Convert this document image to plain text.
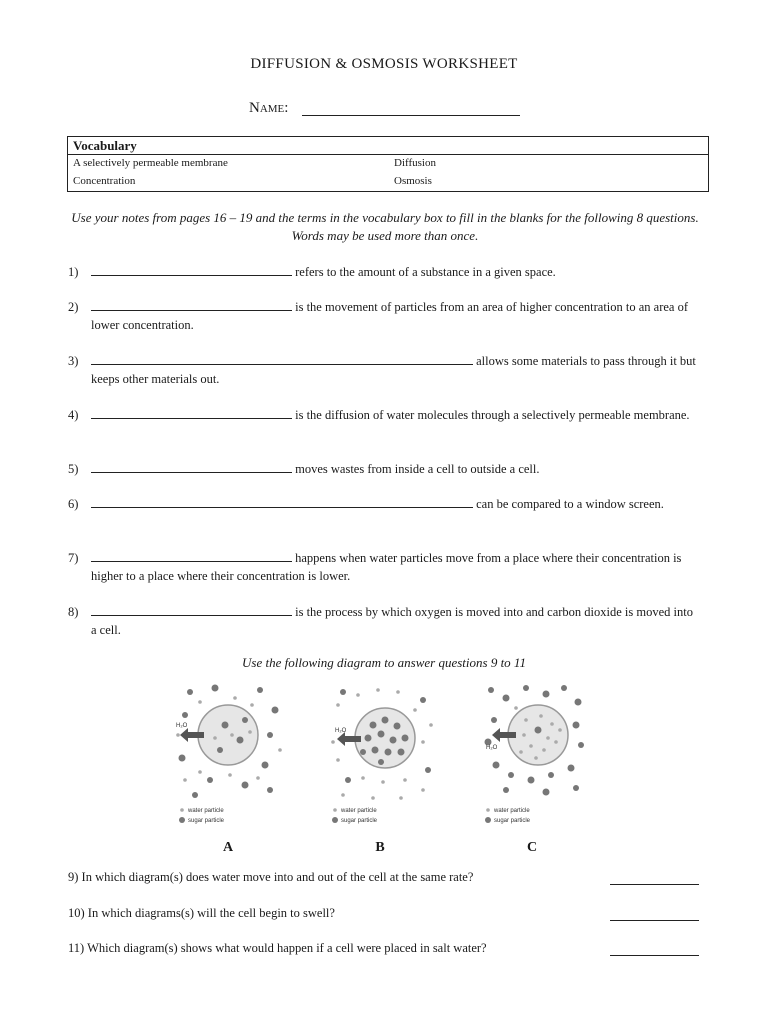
DIFFUSION & OSMOSIS WORKSHEET
Name:
Vocabulary
A selectively permeable membrane	Diffusion
Concentration	Osmosis
Use your notes from pages 16 – 19 and the terms in the vocabulary box to fill in the blanks for the following 8 questions. Words may be used more than once.
1)	refers to the amount of a substance in a given space.
2)	is the movement of particles from an area of higher concentration to an area of lower concentration.
3)	allows some materials to pass through it but keeps other materials out.
4)	is the diffusion of water molecules through a selectively permeable membrane.
5)	moves wastes from inside a cell to outside a cell.
6)	can be compared to a window screen.
7)	happens when water particles move from a place where their concentration is higher to a place where their concentration is lower.
8)	is the process by which oxygen is moved into and carbon dioxide is moved into a cell.
Use the following diagram to answer questions 9 to 11
H₂O
water particle
sugar particle
H₂O
water particle
sugar particle
H₂O
water particle
sugar particle
A	B	C
9) In which diagram(s) does water move into and out of the cell at the same rate?
10) In which diagrams(s) will the cell begin to swell?
11) Which diagram(s) shows what would happen if a cell were placed in salt water?
